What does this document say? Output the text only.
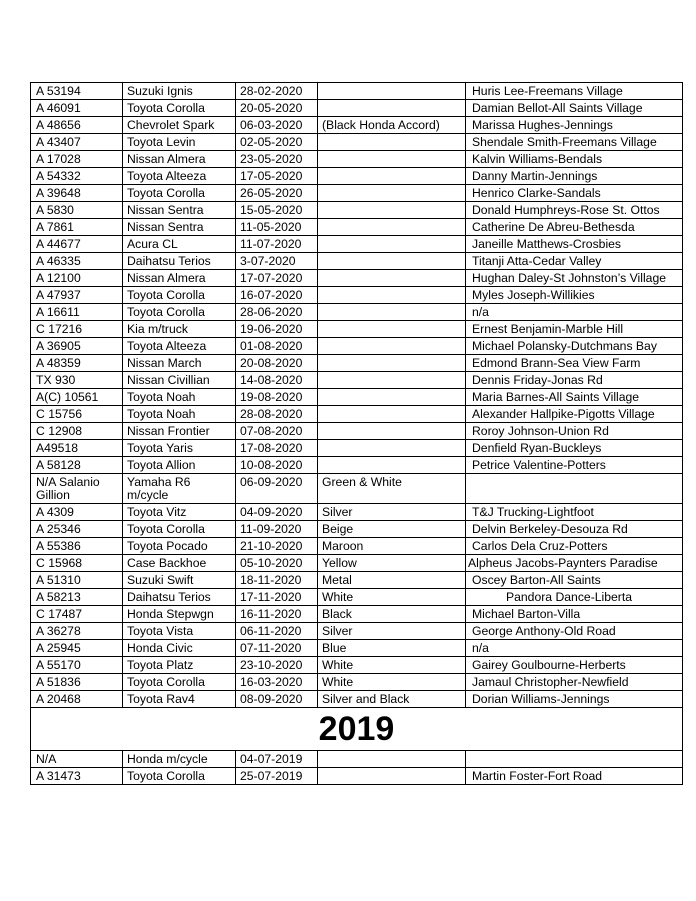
A 53194	Suzuki Ignis	28-02-2020		Huris Lee-Freemans Village
A 46091	Toyota Corolla	20-05-2020		Damian Bellot-All Saints Village
A 48656	Chevrolet Spark	06-03-2020	(Black Honda Accord)	Marissa Hughes-Jennings
A 43407	Toyota Levin	02-05-2020		Shendale Smith-Freemans Village
A 17028	Nissan Almera	23-05-2020		Kalvin Williams-Bendals
A 54332	Toyota Alteeza	17-05-2020		Danny Martin-Jennings
A 39648	Toyota Corolla	26-05-2020		Henrico Clarke-Sandals
A 5830	Nissan Sentra	15-05-2020		Donald Humphreys-Rose St. Ottos
A 7861	Nissan Sentra	11-05-2020		Catherine De Abreu-Bethesda
A 44677	Acura CL	11-07-2020		Janeille Matthews-Crosbies
A 46335	Daihatsu Terios	3-07-2020		Titanji Atta-Cedar Valley
A 12100	Nissan Almera	17-07-2020		Hughan Daley-St Johnston’s Village
A 47937	Toyota Corolla	16-07-2020		Myles Joseph-Willikies
A 16611	Toyota Corolla	28-06-2020		n/a
C 17216	Kia m/truck	19-06-2020		Ernest Benjamin-Marble Hill
A 36905	Toyota Alteeza	01-08-2020		Michael Polansky-Dutchmans Bay
A 48359	Nissan March	20-08-2020		Edmond Brann-Sea View Farm
TX 930	Nissan Civillian	14-08-2020		Dennis Friday-Jonas Rd
A(C) 10561	Toyota Noah	19-08-2020		Maria Barnes-All Saints Village
C 15756	Toyota Noah	28-08-2020		Alexander Hallpike-Pigotts Village
C 12908	Nissan Frontier	07-08-2020		Roroy Johnson-Union Rd
A49518	Toyota Yaris	17-08-2020		Denfield Ryan-Buckleys
A 58128	Toyota Allion	10-08-2020		Petrice Valentine-Potters
N/A Salanio Gillion	Yamaha R6 m/cycle	06-09-2020	Green & White	
A 4309	Toyota Vitz	04-09-2020	Silver	T&J Trucking-Lightfoot
A 25346	Toyota Corolla	11-09-2020	Beige	Delvin Berkeley-Desouza Rd
A 55386	Toyota Pocado	21-10-2020	Maroon	Carlos Dela Cruz-Potters
C 15968	Case Backhoe	05-10-2020	Yellow	Alpheus Jacobs-Paynters Paradise
A 51310	Suzuki Swift	18-11-2020	Metal	Oscey Barton-All Saints
A 58213	Daihatsu Terios	17-11-2020	White	Pandora Dance-Liberta
C 17487	Honda Stepwgn	16-11-2020	Black	Michael Barton-Villa
A 36278	Toyota Vista	06-11-2020	Silver	George Anthony-Old Road
A 25945	Honda Civic	07-11-2020	Blue	n/a
A 55170	Toyota Platz	23-10-2020	White	Gairey Goulbourne-Herberts
A 51836	Toyota Corolla	16-03-2020	White	Jamaul Christopher-Newfield
A 20468	Toyota Rav4	08-09-2020	Silver and Black	Dorian Williams-Jennings
2019				
N/A	Honda m/cycle	04-07-2019		
A 31473	Toyota Corolla	25-07-2019		Martin Foster-Fort Road
